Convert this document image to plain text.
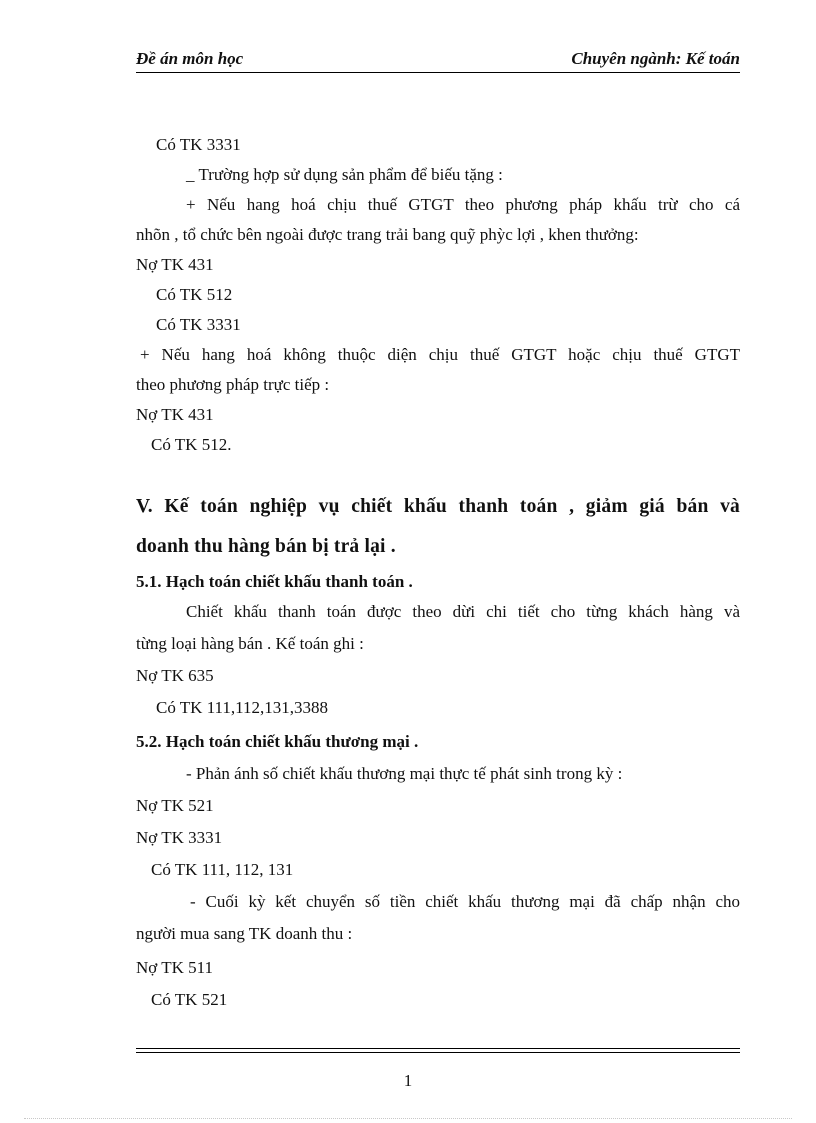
Đề án môn học	Chuyên ngành: Kế toán
Có TK 3331
_ Trường hợp sử dụng sản phẩm để biếu tặng :
+ Nếu hang hoá chịu thuế GTGT theo phương pháp khấu trừ cho cá
nhõn , tổ chức bên ngoài được trang trải bang quỹ phỳc lợi , khen thưởng:
Nợ TK 431
Có TK 512
Có TK 3331
+ Nếu hang hoá không thuộc diện chịu thuế GTGT hoặc chịu thuế GTGT
theo phương pháp trực tiếp :
Nợ TK 431
Có TK 512.
V. Kế toán nghiệp vụ chiết khấu thanh toán , giảm giá bán và
doanh thu hàng bán bị trả lại .
5.1. Hạch toán chiết khấu thanh toán .
Chiết khấu thanh toán được theo dừi chi tiết cho từng khách hàng và
từng loại hàng bán . Kế toán ghi :
Nợ TK 635
Có TK 111,112,131,3388
5.2. Hạch toán chiết khấu thương mại .
- Phản ánh số chiết khấu thương mại thực tế phát sinh trong kỳ :
Nợ TK 521
Nợ TK 3331
Có TK 111, 112, 131
- Cuối kỳ kết chuyển số tiền chiết khấu thương mại đã chấp nhận cho
người mua sang TK doanh thu :
Nợ TK 511
Có TK 521
1
